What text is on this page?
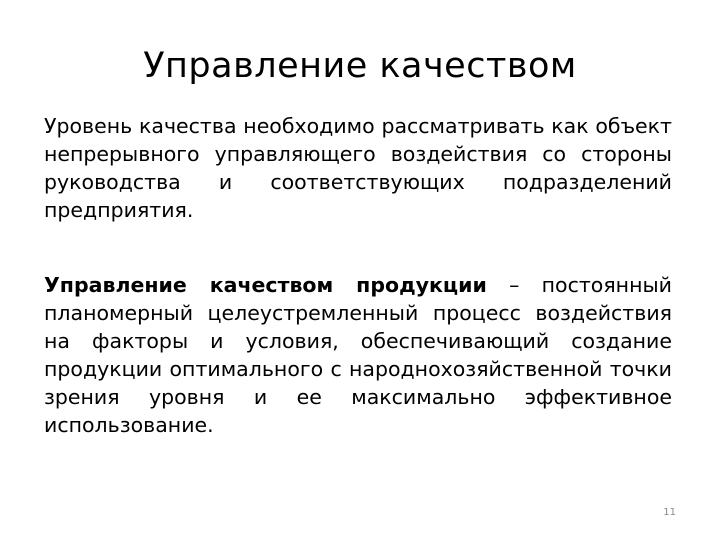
Управление качеством

Уровень качества необходимо рассматривать как объект непрерывного управляющего воздействия со стороны руководства и соответствующих подразделений предприятия.

Управление качеством продукции – постоянный планомерный целеустремленный процесс воздействия на факторы и условия, обеспечивающий создание продукции оптимального с народнохозяйственной точки зрения уровня и ее максимально эффективное использование.

11
